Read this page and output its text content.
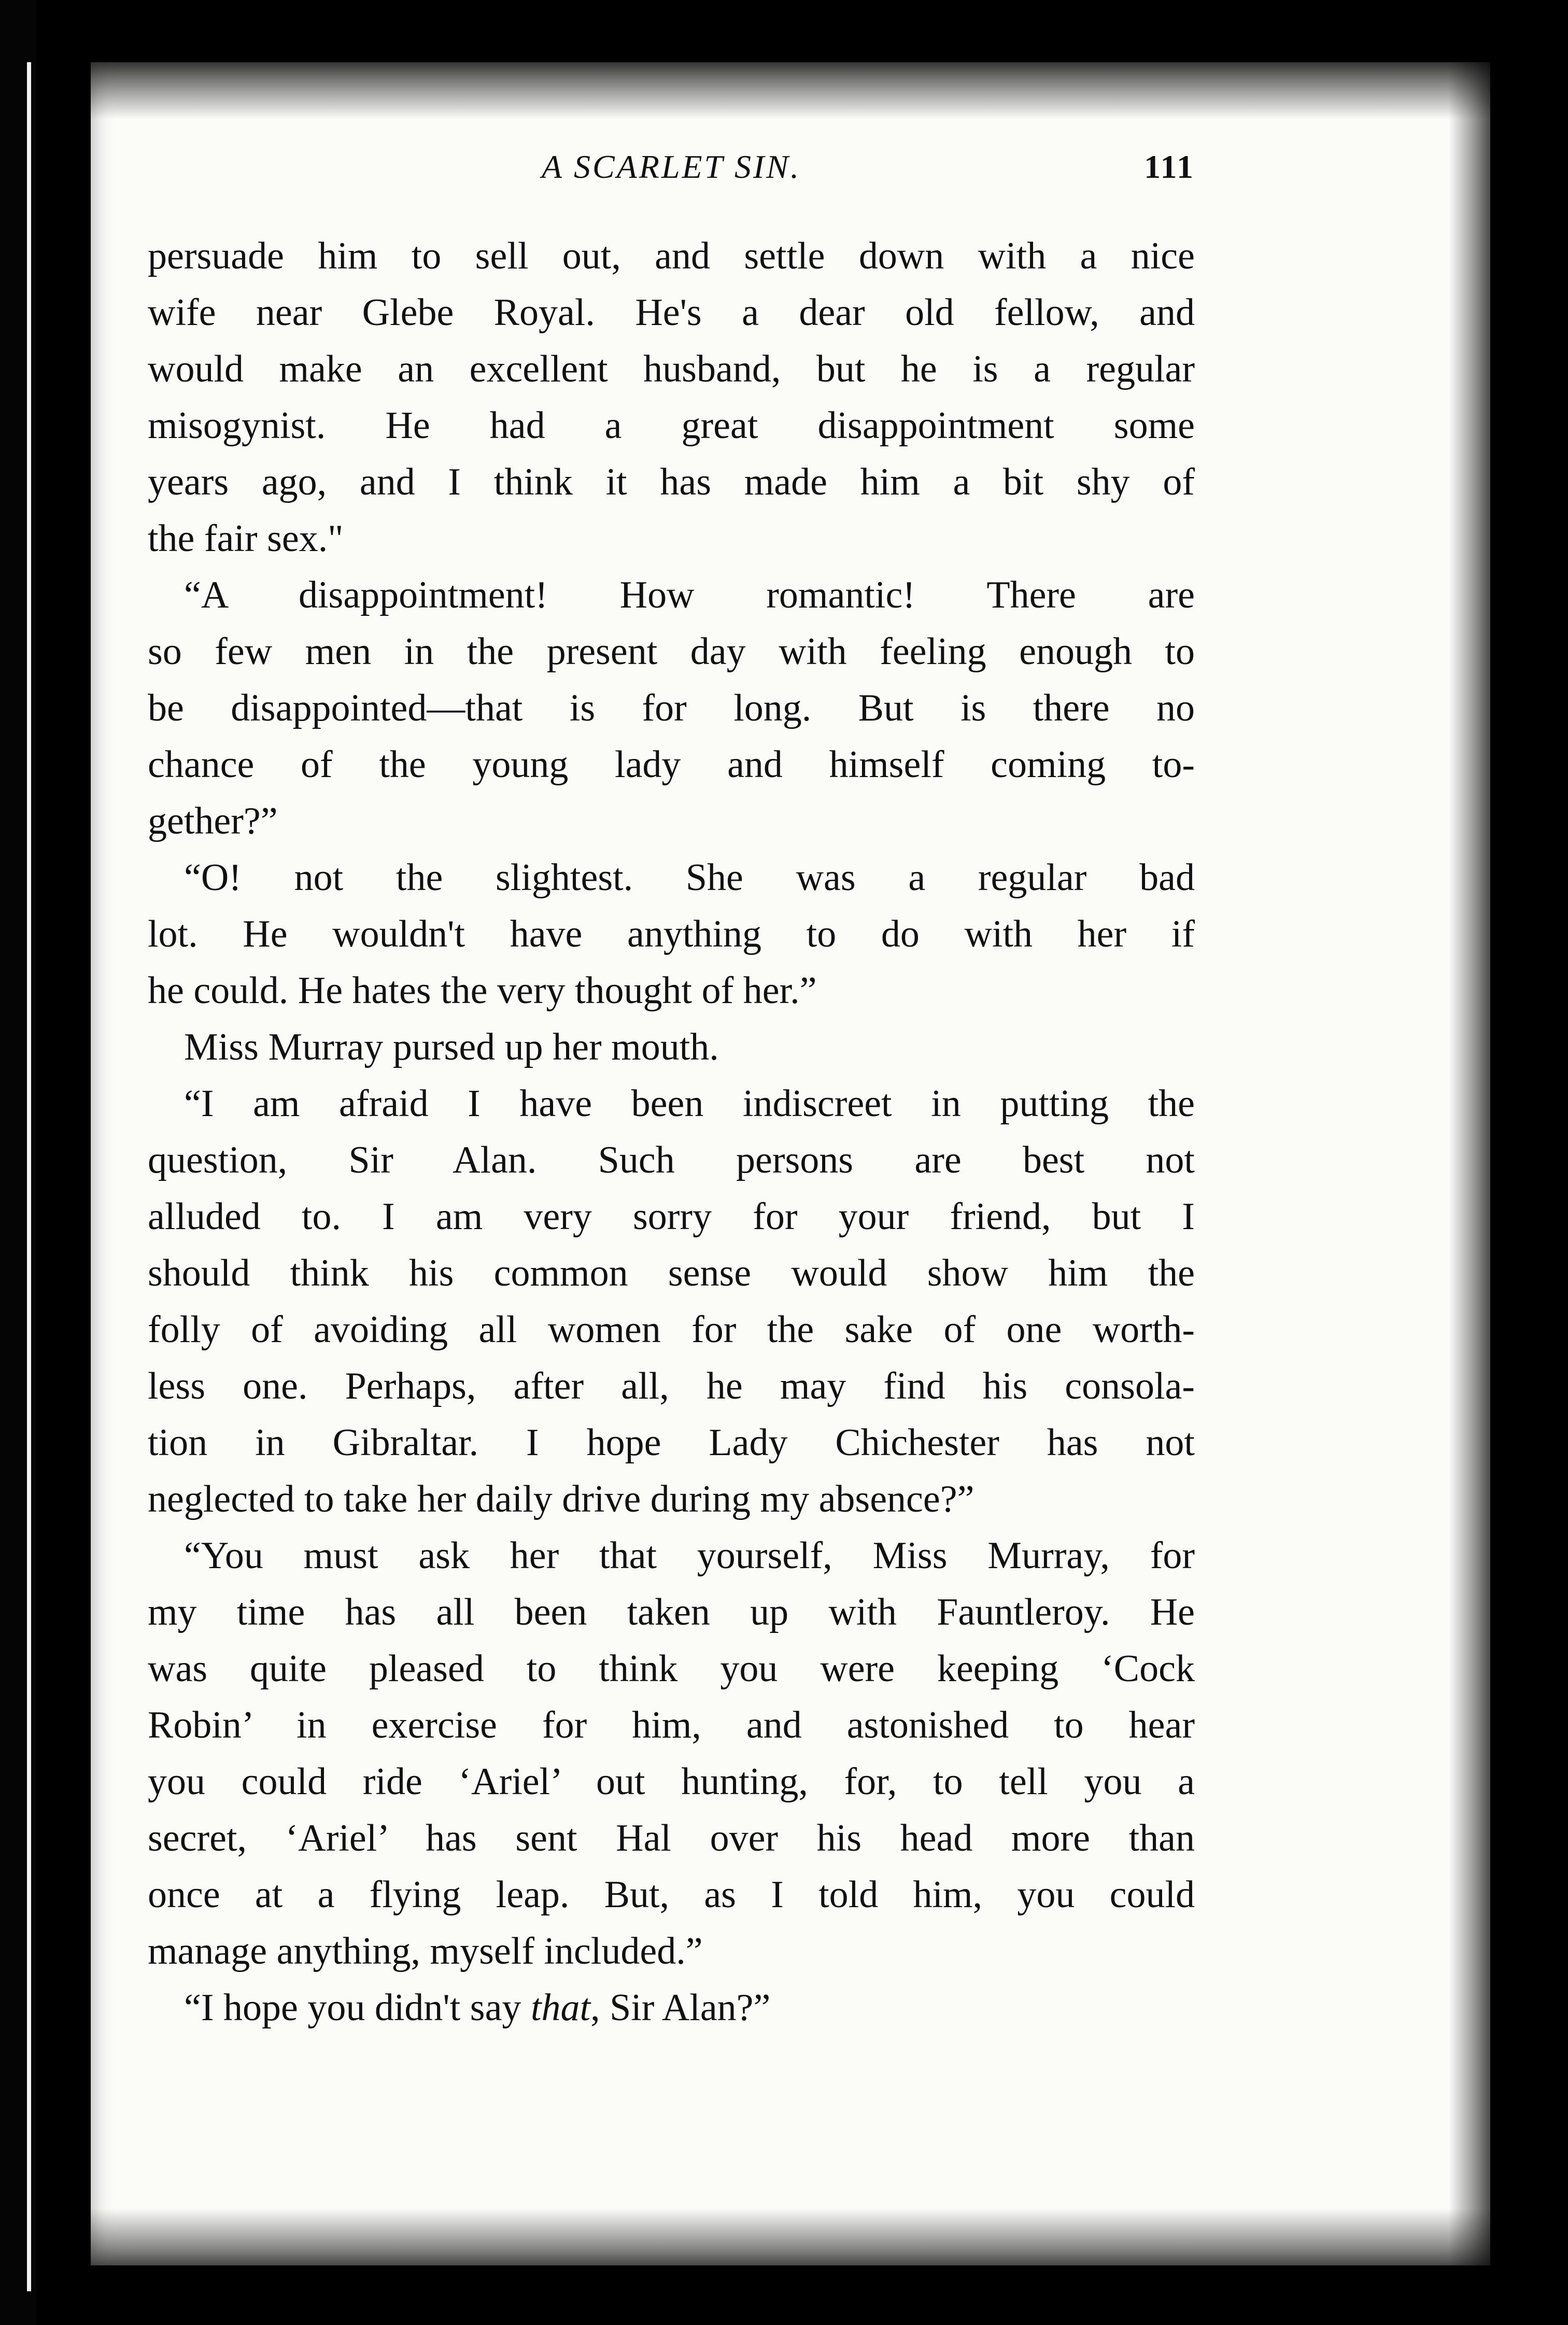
A SCARLET SIN.	111
persuade him to sell out, and settle down with a nice
wife near Glebe Royal. He's a dear old fellow, and
would make an excellent husband, but he is a regular
misogynist. He had a great disappointment some
years ago, and I think it has made him a bit shy of
the fair sex."
“A disappointment! How romantic! There are
so few men in the present day with feeling enough to
be disappointed—that is for long. But is there no
chance of the young lady and himself coming to-
gether?”
“O! not the slightest. She was a regular bad
lot. He wouldn't have anything to do with her if
he could. He hates the very thought of her.”
Miss Murray pursed up her mouth.
“I am afraid I have been indiscreet in putting the
question, Sir Alan. Such persons are best not
alluded to. I am very sorry for your friend, but I
should think his common sense would show him the
folly of avoiding all women for the sake of one worth-
less one. Perhaps, after all, he may find his consola-
tion in Gibraltar. I hope Lady Chichester has not
neglected to take her daily drive during my absence?”
“You must ask her that yourself, Miss Murray, for
my time has all been taken up with Fauntleroy. He
was quite pleased to think you were keeping ‘Cock
Robin’ in exercise for him, and astonished to hear
you could ride ‘Ariel’ out hunting, for, to tell you a
secret, ‘Ariel’ has sent Hal over his head more than
once at a flying leap. But, as I told him, you could
manage anything, myself included.”
“I hope you didn't say that, Sir Alan?”
